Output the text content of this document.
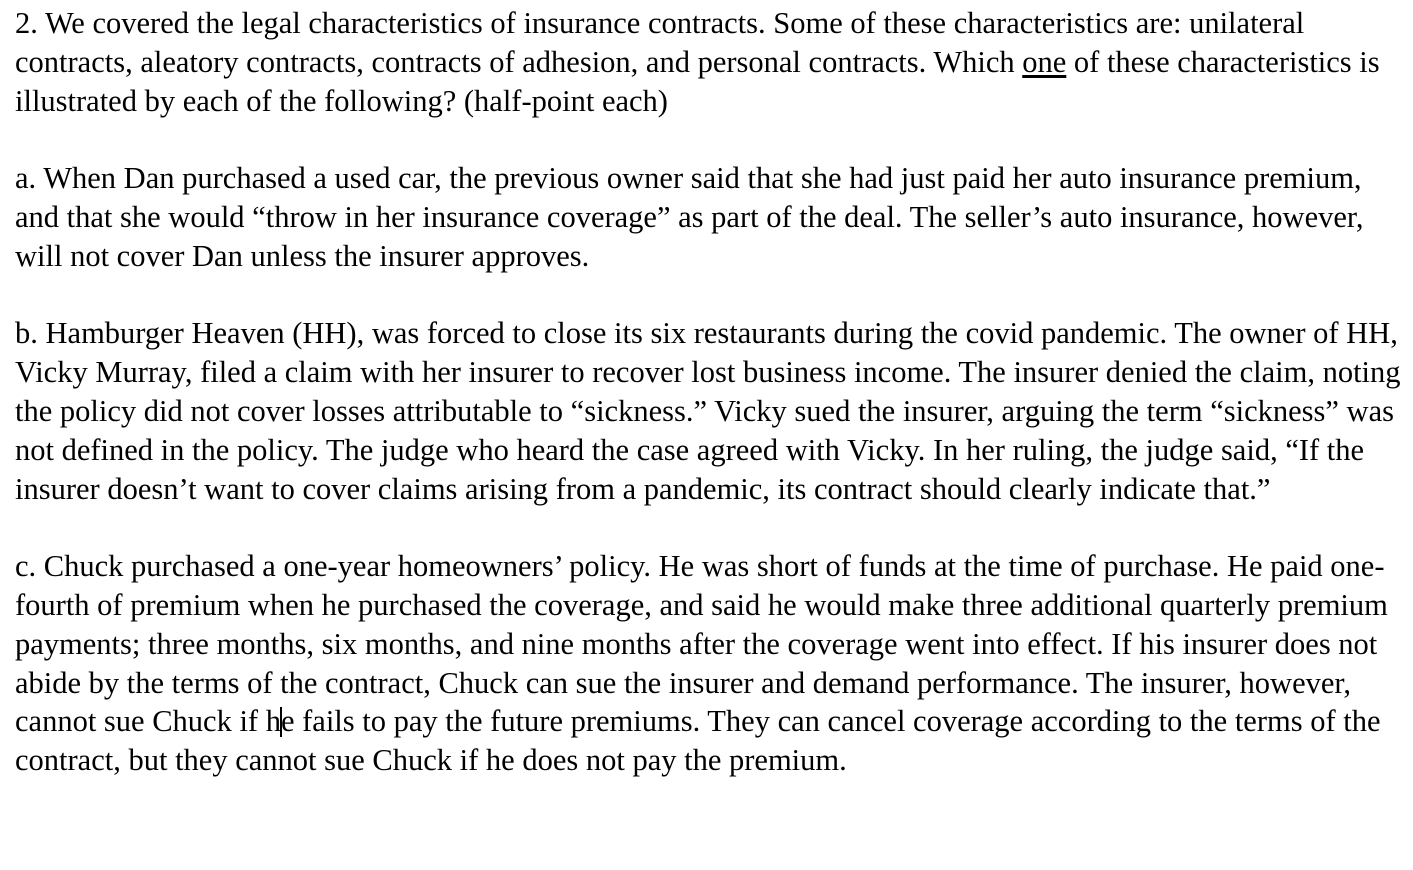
2. We covered the legal characteristics of insurance contracts. Some of these characteristics are: unilateral contracts, aleatory contracts, contracts of adhesion, and personal contracts. Which one of these characteristics is illustrated by each of the following? (half-point each)

a. When Dan purchased a used car, the previous owner said that she had just paid her auto insurance premium, and that she would “throw in her insurance coverage” as part of the deal. The seller’s auto insurance, however, will not cover Dan unless the insurer approves.

b. Hamburger Heaven (HH), was forced to close its six restaurants during the covid pandemic. The owner of HH, Vicky Murray, filed a claim with her insurer to recover lost business income. The insurer denied the claim, noting the policy did not cover losses attributable to “sickness.” Vicky sued the insurer, arguing the term “sickness” was not defined in the policy. The judge who heard the case agreed with Vicky. In her ruling, the judge said, “If the insurer doesn’t want to cover claims arising from a pandemic, its contract should clearly indicate that.”

c. Chuck purchased a one-year homeowners’ policy. He was short of funds at the time of purchase. He paid one-fourth of premium when he purchased the coverage, and said he would make three additional quarterly premium payments; three months, six months, and nine months after the coverage went into effect. If his insurer does not abide by the terms of the contract, Chuck can sue the insurer and demand performance. The insurer, however, cannot sue Chuck if he fails to pay the future premiums. They can cancel coverage according to the terms of the contract, but they cannot sue Chuck if he does not pay the premium.
